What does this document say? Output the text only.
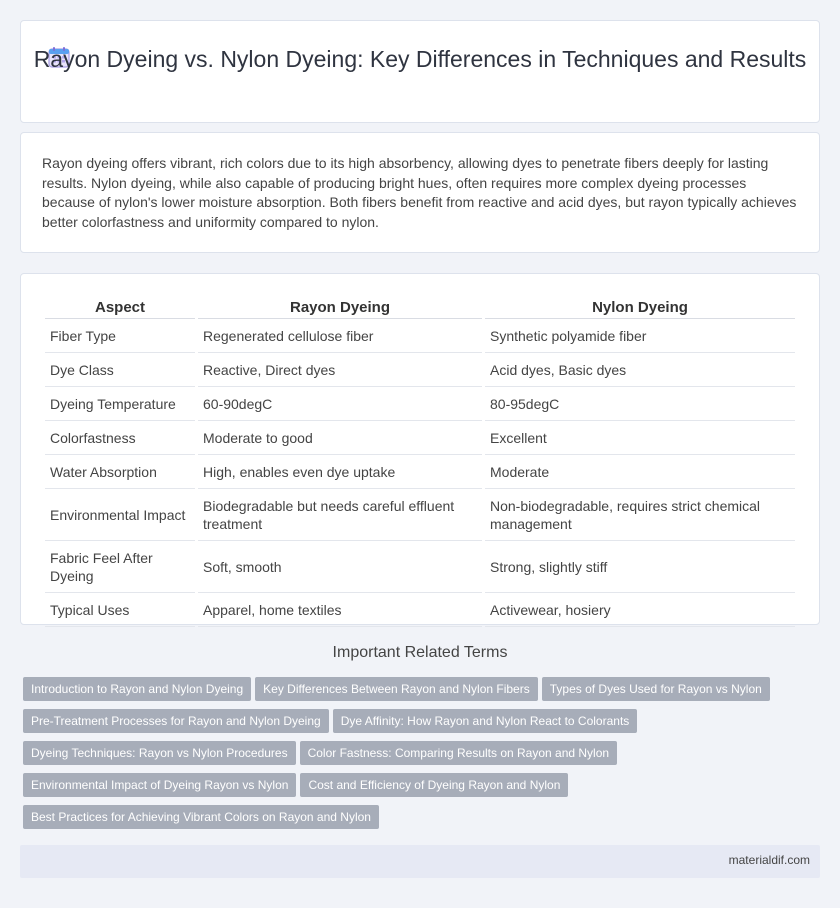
Rayon Dyeing vs. Nylon Dyeing: Key Differences in Techniques and Results
Rayon dyeing offers vibrant, rich colors due to its high absorbency, allowing dyes to penetrate fibers deeply for lasting results. Nylon dyeing, while also capable of producing bright hues, often requires more complex dyeing processes because of nylon's lower moisture absorption. Both fibers benefit from reactive and acid dyes, but rayon typically achieves better colorfastness and uniformity compared to nylon.
Aspect	Rayon Dyeing	Nylon Dyeing
Fiber Type	Regenerated cellulose fiber	Synthetic polyamide fiber
Dye Class	Reactive, Direct dyes	Acid dyes, Basic dyes
Dyeing Temperature	60-90degC	80-95degC
Colorfastness	Moderate to good	Excellent
Water Absorption	High, enables even dye uptake	Moderate
Environmental Impact	Biodegradable but needs careful effluent treatment	Non-biodegradable, requires strict chemical management
Fabric Feel After Dyeing	Soft, smooth	Strong, slightly stiff
Typical Uses	Apparel, home textiles	Activewear, hosiery
Important Related Terms
Introduction to Rayon and Nylon Dyeing Key Differences Between Rayon and Nylon Fibers Types of Dyes Used for Rayon vs Nylon
Pre-Treatment Processes for Rayon and Nylon Dyeing Dye Affinity: How Rayon and Nylon React to Colorants
Dyeing Techniques: Rayon vs Nylon Procedures Color Fastness: Comparing Results on Rayon and Nylon
Environmental Impact of Dyeing Rayon vs Nylon Cost and Efficiency of Dyeing Rayon and Nylon
Best Practices for Achieving Vibrant Colors on Rayon and Nylon
materialdif.com
